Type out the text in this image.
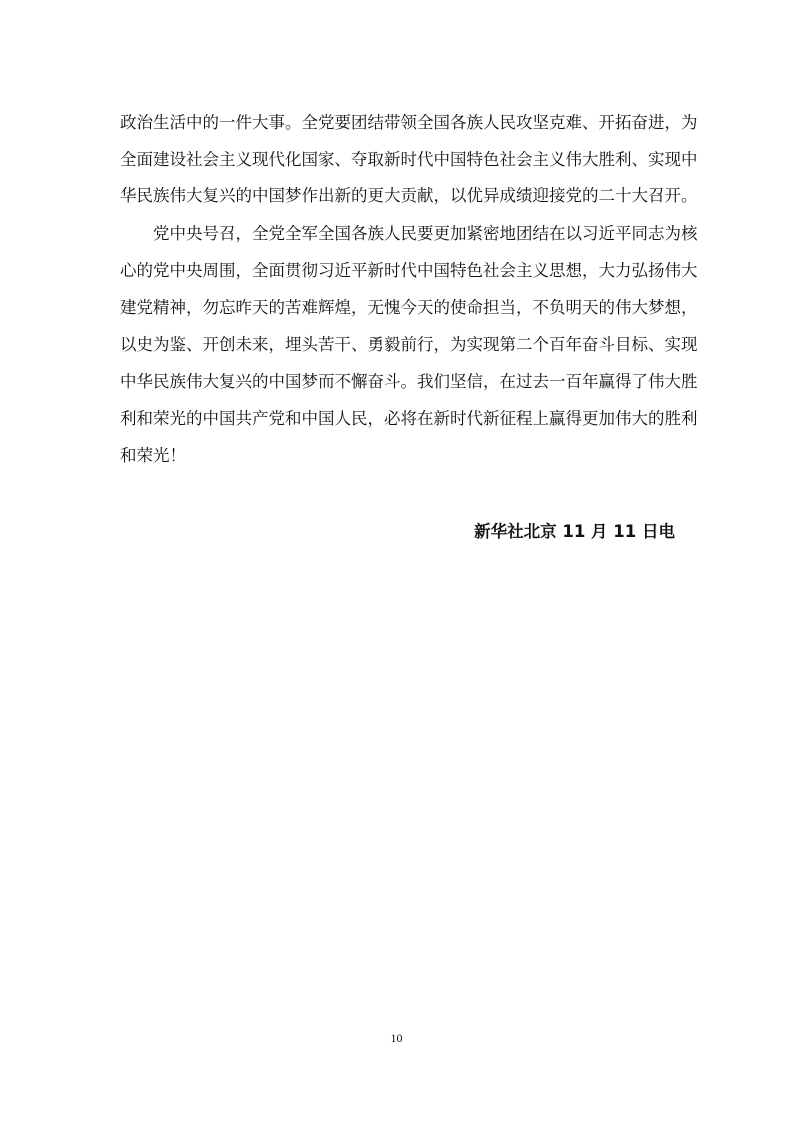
政治生活中的一件大事。全党要团结带领全国各族人民攻坚克难、开拓奋进，为
全面建设社会主义现代化国家、夺取新时代中国特色社会主义伟大胜利、实现中
华民族伟大复兴的中国梦作出新的更大贡献，以优异成绩迎接党的二十大召开。
党中央号召，全党全军全国各族人民要更加紧密地团结在以习近平同志为核
心的党中央周围，全面贯彻习近平新时代中国特色社会主义思想，大力弘扬伟大
建党精神，勿忘昨天的苦难辉煌，无愧今天的使命担当，不负明天的伟大梦想，
以史为鉴、开创未来，埋头苦干、勇毅前行，为实现第二个百年奋斗目标、实现
中华民族伟大复兴的中国梦而不懈奋斗。我们坚信，在过去一百年赢得了伟大胜
利和荣光的中国共产党和中国人民，必将在新时代新征程上赢得更加伟大的胜利
和荣光！
新华社北京 11 月 11 日电
10
